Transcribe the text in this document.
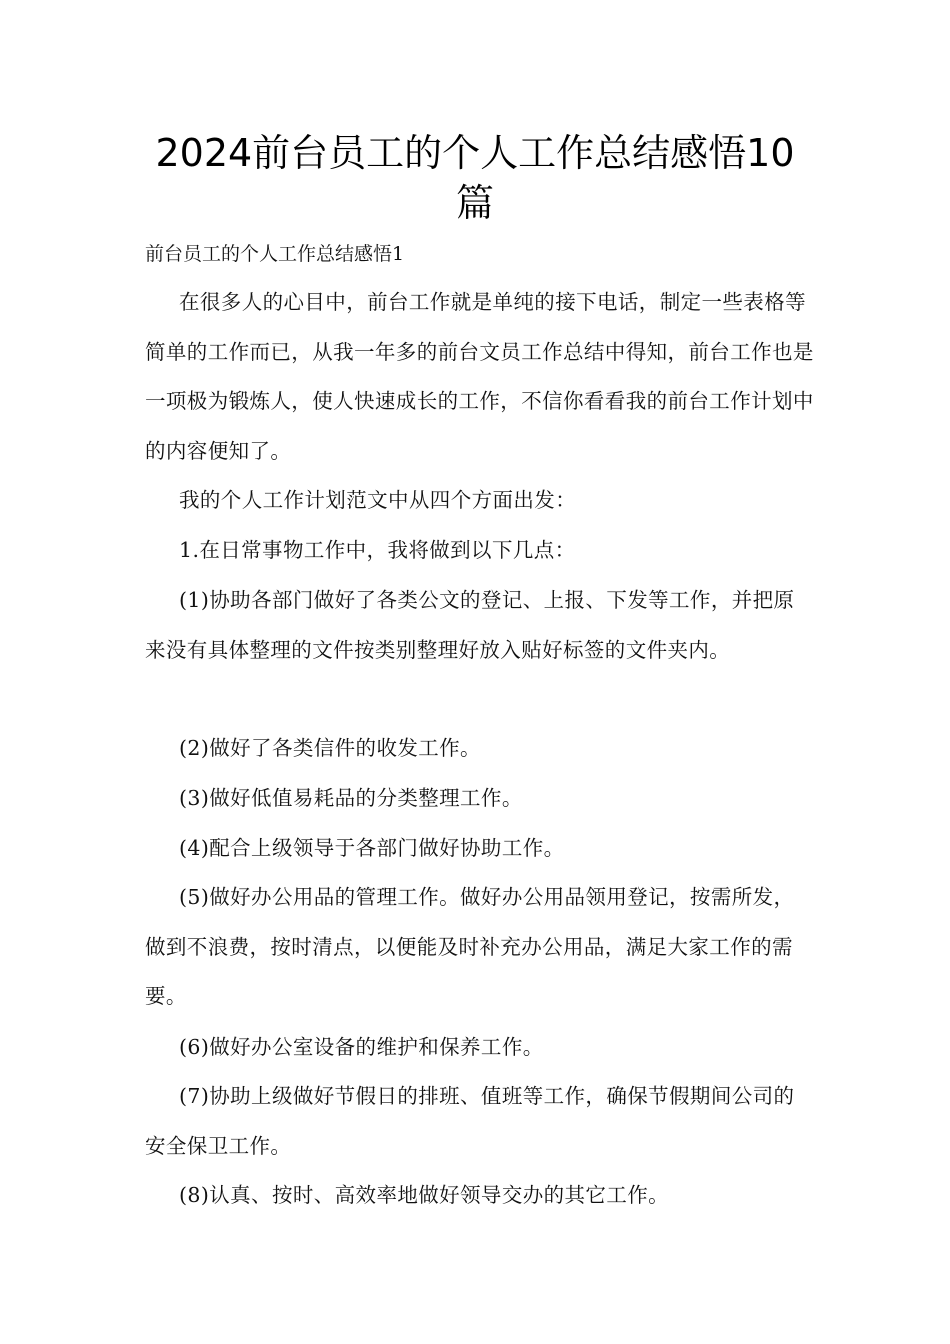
2024前台员工的个人工作总结感悟10篇
前台员工的个人工作总结感悟1
在很多人的心目中，前台工作就是单纯的接下电话，制定一些表格等简单的工作而已，从我一年多的前台文员工作总结中得知，前台工作也是一项极为锻炼人，使人快速成长的工作，不信你看看我的前台工作计划中的内容便知了。
我的个人工作计划范文中从四个方面出发：
1.在日常事物工作中，我将做到以下几点：
(1)协助各部门做好了各类公文的登记、上报、下发等工作，并把原来没有具体整理的文件按类别整理好放入贴好标签的文件夹内。
(2)做好了各类信件的收发工作。
(3)做好低值易耗品的分类整理工作。
(4)配合上级领导于各部门做好协助工作。
(5)做好办公用品的管理工作。做好办公用品领用登记，按需所发，做到不浪费，按时清点，以便能及时补充办公用品，满足大家工作的需要。
(6)做好办公室设备的维护和保养工作。
(7)协助上级做好节假日的排班、值班等工作，确保节假期间公司的安全保卫工作。
(8)认真、按时、高效率地做好领导交办的其它工作。
